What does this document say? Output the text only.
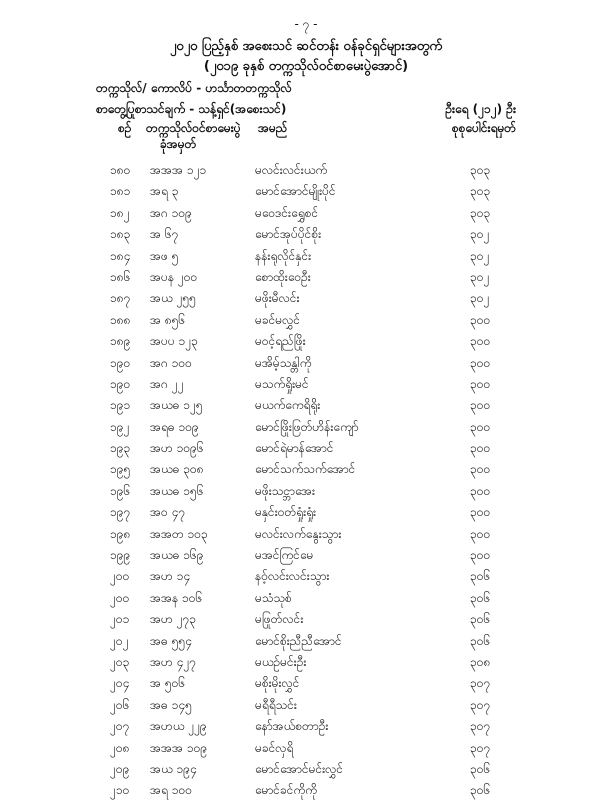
- ၇ -
၂၀၂၀ ပြည့်နှစ် အစေးသင် ဆင်တန်း ဝန်ခုင်ရှင်များအတွက်
(၂၀၁၉ ခုနှစ် တက္ကသိုလ်ဝင်စာမေးပွဲအောင်)
တက္ကသိုလ်/ ကောလိပ် - ဟင်္သာတတက္ကသိုလ်
စာတွေ့ပြုစာသင်ချက် - သန့်ရှင်(အစေးသင်)	ဦးရေ (၂၁၂) ဦး
စဉ် တက္ကသိုလ်ဝင်စာမေးပွဲ
ခုံအမှတ်
အမည်	စုစုပေါင်းရမှတ်
၁၈၀ အအအ ၁၂၁	မလင်းလင်းယက်	၃၀၃
၁၈၁ အရ ၃	မောင်အောင်မျိုးပိုင်	၃၀၃
၁၈၂ အဂ ၁၀၉	မဝေဒင်းရွှေစင်	၃၀၃
၁၈၃ အ ၆၇	မောင်အုပ်ပိုင်စိုး	၃၀၂
၁၈၄ အဖ ၅	နန်းရုလိုင်နှင်း	၃၀၂
၁၈၆ အပန ၂၀၀	စောထိုးဝေဦး	၃၀၂
၁၈၇ အယ ၂၅၅	မဖိုးမီလင်း	၃၀၂
၁၈၈ အ ၈၅၆	မခင်မလွှင်	၃၀၀
၁၈၉ အပပ ၁၂၃	မဝင့်ရည်ဖြိုး	၃၀၀
၁၉၀ အဂ ၁၀၀	မအိမ့်သန္တါကို	၃၀၀
၁၉၀ အဂ ၂၂	မသက်ရှိုးမင်	၃၀၀
၁၉၁ အယဓ ၁၂၅	မယက်ကေရိရိုး	၃၀၀
၁၉၂ အရဓ ၁၀၉	မောင်ဖြိုးဖြတ်ဟိန်းကျော်	၃၀၀
၁၉၃ အဟ ၁၀၉၆	မောင်ရဲမာန်အောင်	၃၀၀
၁၉၅ အယဓ ၃၀၈	မောင်သက်သက်အောင်	၃၀၀
၁၉၆ အယဓ ၁၅၆	မဖိုးသင္ဘာအေး	၃၀၀
၁၉၇ အဝ ၄၇	မနှင်းဝတ်ရှုံးရှုံး	၃၀၀
၁၉၈ အအတ ၁၀၃	မလင်းလက်နွေးသွား	၃၀၀
၁၉၉ အယဓ ၁၆၉	မအင်ကြင်မေ	၃၀၀
၂၀၀ အဟ ၁၄	နဝ့်လင်းလင်းသွား	၃၀၆
၂၀၀ အအန ၁၀၆	မသံသုစ်	၃၀၆
၂၀၁ အဟ ၂၇၃	မဖြုတ်လင်း	၃၀၆
၂၀၂ အဓ ၅၅၄	မောင်စိုးညီညီအောင်	၃၀၆
၂၀၃ အဟ ၄၂၇	မယဥ်မင်းဦး	၃၀၈
၂၀၄ အ ၅၀၆	မစိုးမိုးလွှင်	၃၀၇
၂၀၆ အဓ ၁၄၅	မရီရီသင်း	၃၀၇
၂၀၇ အဟယ ၂၂၉	နော်အယ်စတာဦး	၃၀၇
၂၀၈ အအအ ၁၀၉	မခင်လှရိ	၃၀၇
၂၀၉ အယ ၁၉၄	မောင်အောင်မင်းလွှင်	၃၀၆
၂၁၀ အရ ၁၀၀	မောင်ခင်ကိုကို	၃၀၆
